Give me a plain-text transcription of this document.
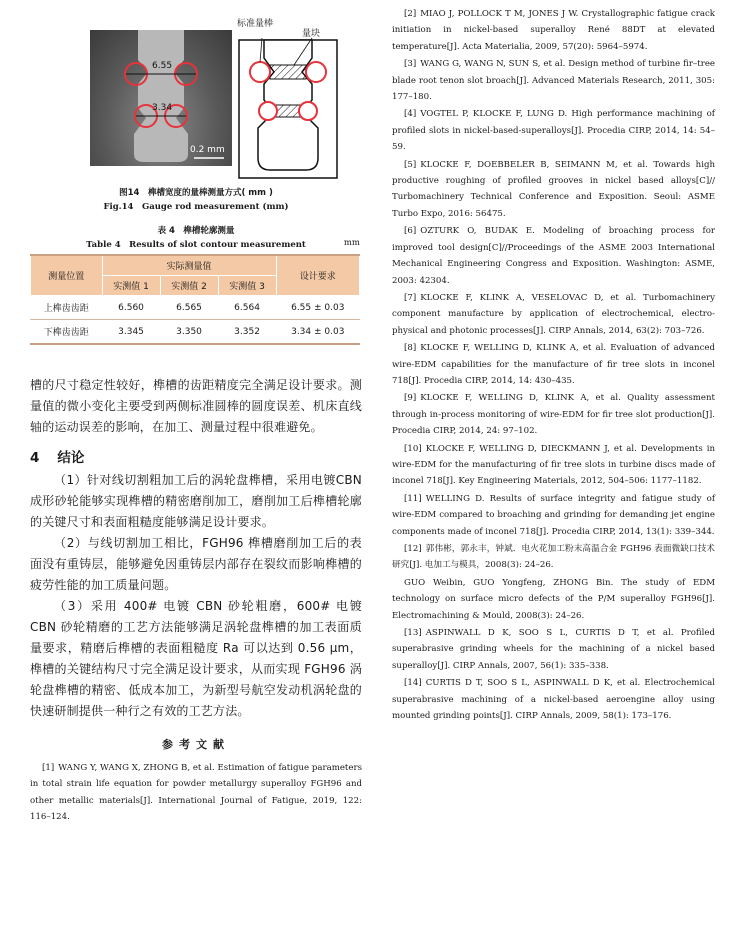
6.55
3.34
0.2 mm
标准量棒
量块

图14　榫槽宽度的量棒测量方式( mm )

Fig.14　Gauge rod measurement (mm)

表 4　榫槽轮廓测量

Table 4　Results of slot contour measurement	mm

测量位置	实际测量值			设计要求
	实测值 1	实测值 2	实测值 3	
上榫齿齿距	6.560	6.565	6.564	6.55 ± 0.03
下榫齿齿距	3.345	3.350	3.352	3.34 ± 0.03

槽的尺寸稳定性较好，榫槽的齿距精度完全满足设计要求。测量值的微小变化主要受到两侧标准圆棒的圆度误差、机床直线轴的运动误差的影响，在加工、测量过程中很难避免。

4 结论

（1）针对线切割粗加工后的涡轮盘榫槽，采用电镀CBN 成形砂轮能够实现榫槽的精密磨削加工，磨削加工后榫槽轮廓的关键尺寸和表面粗糙度能够满足设计要求。

（2）与线切割加工相比，FGH96 榫槽磨削加工后的表面没有重铸层，能够避免因重铸层内部存在裂纹而影响榫槽的疲劳性能的加工质量问题。

（3）采用 400# 电镀 CBN 砂轮粗磨，600# 电镀 CBN 砂轮精磨的工艺方法能够满足涡轮盘榫槽的加工表面质量要求，精磨后榫槽的表面粗糙度 Ra 可以达到 0.56 μm，榫槽的关键结构尺寸完全满足设计要求，从而实现 FGH96 涡轮盘榫槽的精密、低成本加工，为新型号航空发动机涡轮盘的快速研制提供一种行之有效的工艺方法。

参考文献

[1] WANG Y, WANG X, ZHONG B, et al. Estimation of fatigue parameters in total strain life equation for powder metallurgy superalloy FGH96 and other metallic materials[J]. International Journal of Fatigue, 2019, 122: 116–124.

[2] MIAO J, POLLOCK T M, JONES J W. Crystallographic fatigue crack initiation in nickel-based superalloy René 88DT at elevated temperature[J]. Acta Materialia, 2009, 57(20): 5964–5974.

[3] WANG G, WANG N, SUN S, et al. Design method of turbine fir–tree blade root tenon slot broach[J]. Advanced Materials Research, 2011, 305: 177–180.

[4] VOGTEL P, KLOCKE F, LUNG D. High performance machining of profiled slots in nickel-based-superalloys[J]. Procedia CIRP, 2014, 14: 54–59.

[5] KLOCKE F, DOEBBELER B, SEIMANN M, et al. Towards high productive roughing of profiled grooves in nickel based alloys[C]// Turbomachinery Technical Conference and Exposition. Seoul: ASME Turbo Expo, 2016: 56475.

[6] OZTURK O, BUDAK E. Modeling of broaching process for improved tool design[C]//Proceedings of the ASME 2003 International Mechanical Engineering Congress and Exposition. Washington: ASME, 2003: 42304.

[7] KLOCKE F, KLINK A, VESELOVAC D, et al. Turbomachinery component manufacture by application of electrochemical, electro-physical and photonic processes[J]. CIRP Annals, 2014, 63(2): 703–726.

[8] KLOCKE F, WELLING D, KLINK A, et al. Evaluation of advanced wire-EDM capabilities for the manufacture of fir tree slots in inconel 718[J]. Procedia CIRP, 2014, 14: 430–435.

[9] KLOCKE F, WELLING D, KLINK A, et al. Quality assessment through in-process monitoring of wire-EDM for fir tree slot production[J]. Procedia CIRP, 2014, 24: 97–102.

[10] KLOCKE F, WELLING D, DIECKMANN J, et al. Developments in wire-EDM for the manufacturing of fir tree slots in turbine discs made of inconel 718[J]. Key Engineering Materials, 2012, 504–506: 1177–1182.

[11] WELLING D. Results of surface integrity and fatigue study of wire-EDM compared to broaching and grinding for demanding jet engine components made of inconel 718[J]. Procedia CIRP, 2014, 13(1): 339–344.

[12] 郭伟彬，郭永丰，钟斌．电火花加工粉末高温合金 FGH96 表面微缺口技术研究[J]. 电加工与模具，2008(3): 24–26.

GUO Weibin, GUO Yongfeng, ZHONG Bin. The study of EDM technology on surface micro defects of the P/M superalloy FGH96[J]. Electromachining & Mould, 2008(3): 24–26.

[13] ASPINWALL D K, SOO S L, CURTIS D T, et al. Profiled superabrasive grinding wheels for the machining of a nickel based superalloy[J]. CIRP Annals, 2007, 56(1): 335–338.

[14] CURTIS D T, SOO S L, ASPINWALL D K, et al. Electrochemical superabrasive machining of a nickel-based aeroengine alloy using mounted grinding points[J]. CIRP Annals, 2009, 58(1): 173–176.
